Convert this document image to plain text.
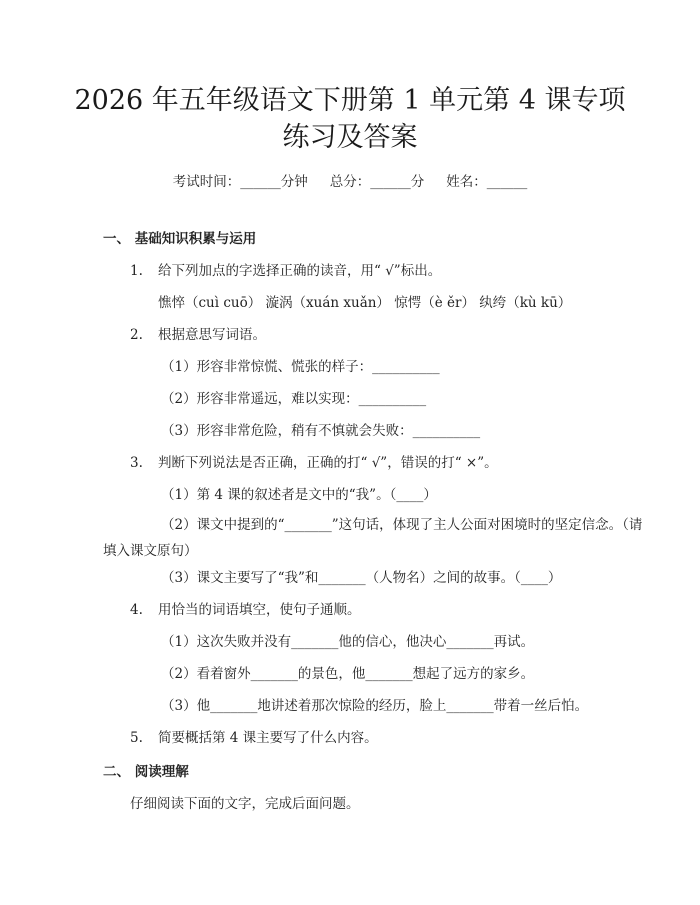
2026 年五年级语文下册第 1 单元第 4 课专项
练习及答案
考试时间：______分钟 总分：______分 姓名：______
一、 基础知识积累与运用
1. 给下列加点的字选择正确的读音，用“ √”标出。
憔悴（cuì cuō） 漩涡（xuán xuǎn） 惊愕（è ěr） 纨绔（kù kū）
2. 根据意思写词语。
（1）形容非常惊慌、慌张的样子：__________
（2）形容非常遥远，难以实现：__________
（3）形容非常危险，稍有不慎就会失败：__________
3. 判断下列说法是否正确，正确的打“ √”，错误的打“ ×”。
（1）第 4 课的叙述者是文中的“我”。（____）
（2）课文中提到的“_______”这句话，体现了主人公面对困境时的坚定信念。（请填入课文原句）
（3）课文主要写了“我”和_______（人物名）之间的故事。（____）
4. 用恰当的词语填空，使句子通顺。
（1）这次失败并没有_______他的信心，他决心_______再试。
（2）看着窗外_______的景色，他_______想起了远方的家乡。
（3）他_______地讲述着那次惊险的经历，脸上_______带着一丝后怕。
5. 简要概括第 4 课主要写了什么内容。
二、 阅读理解
仔细阅读下面的文字，完成后面问题。
